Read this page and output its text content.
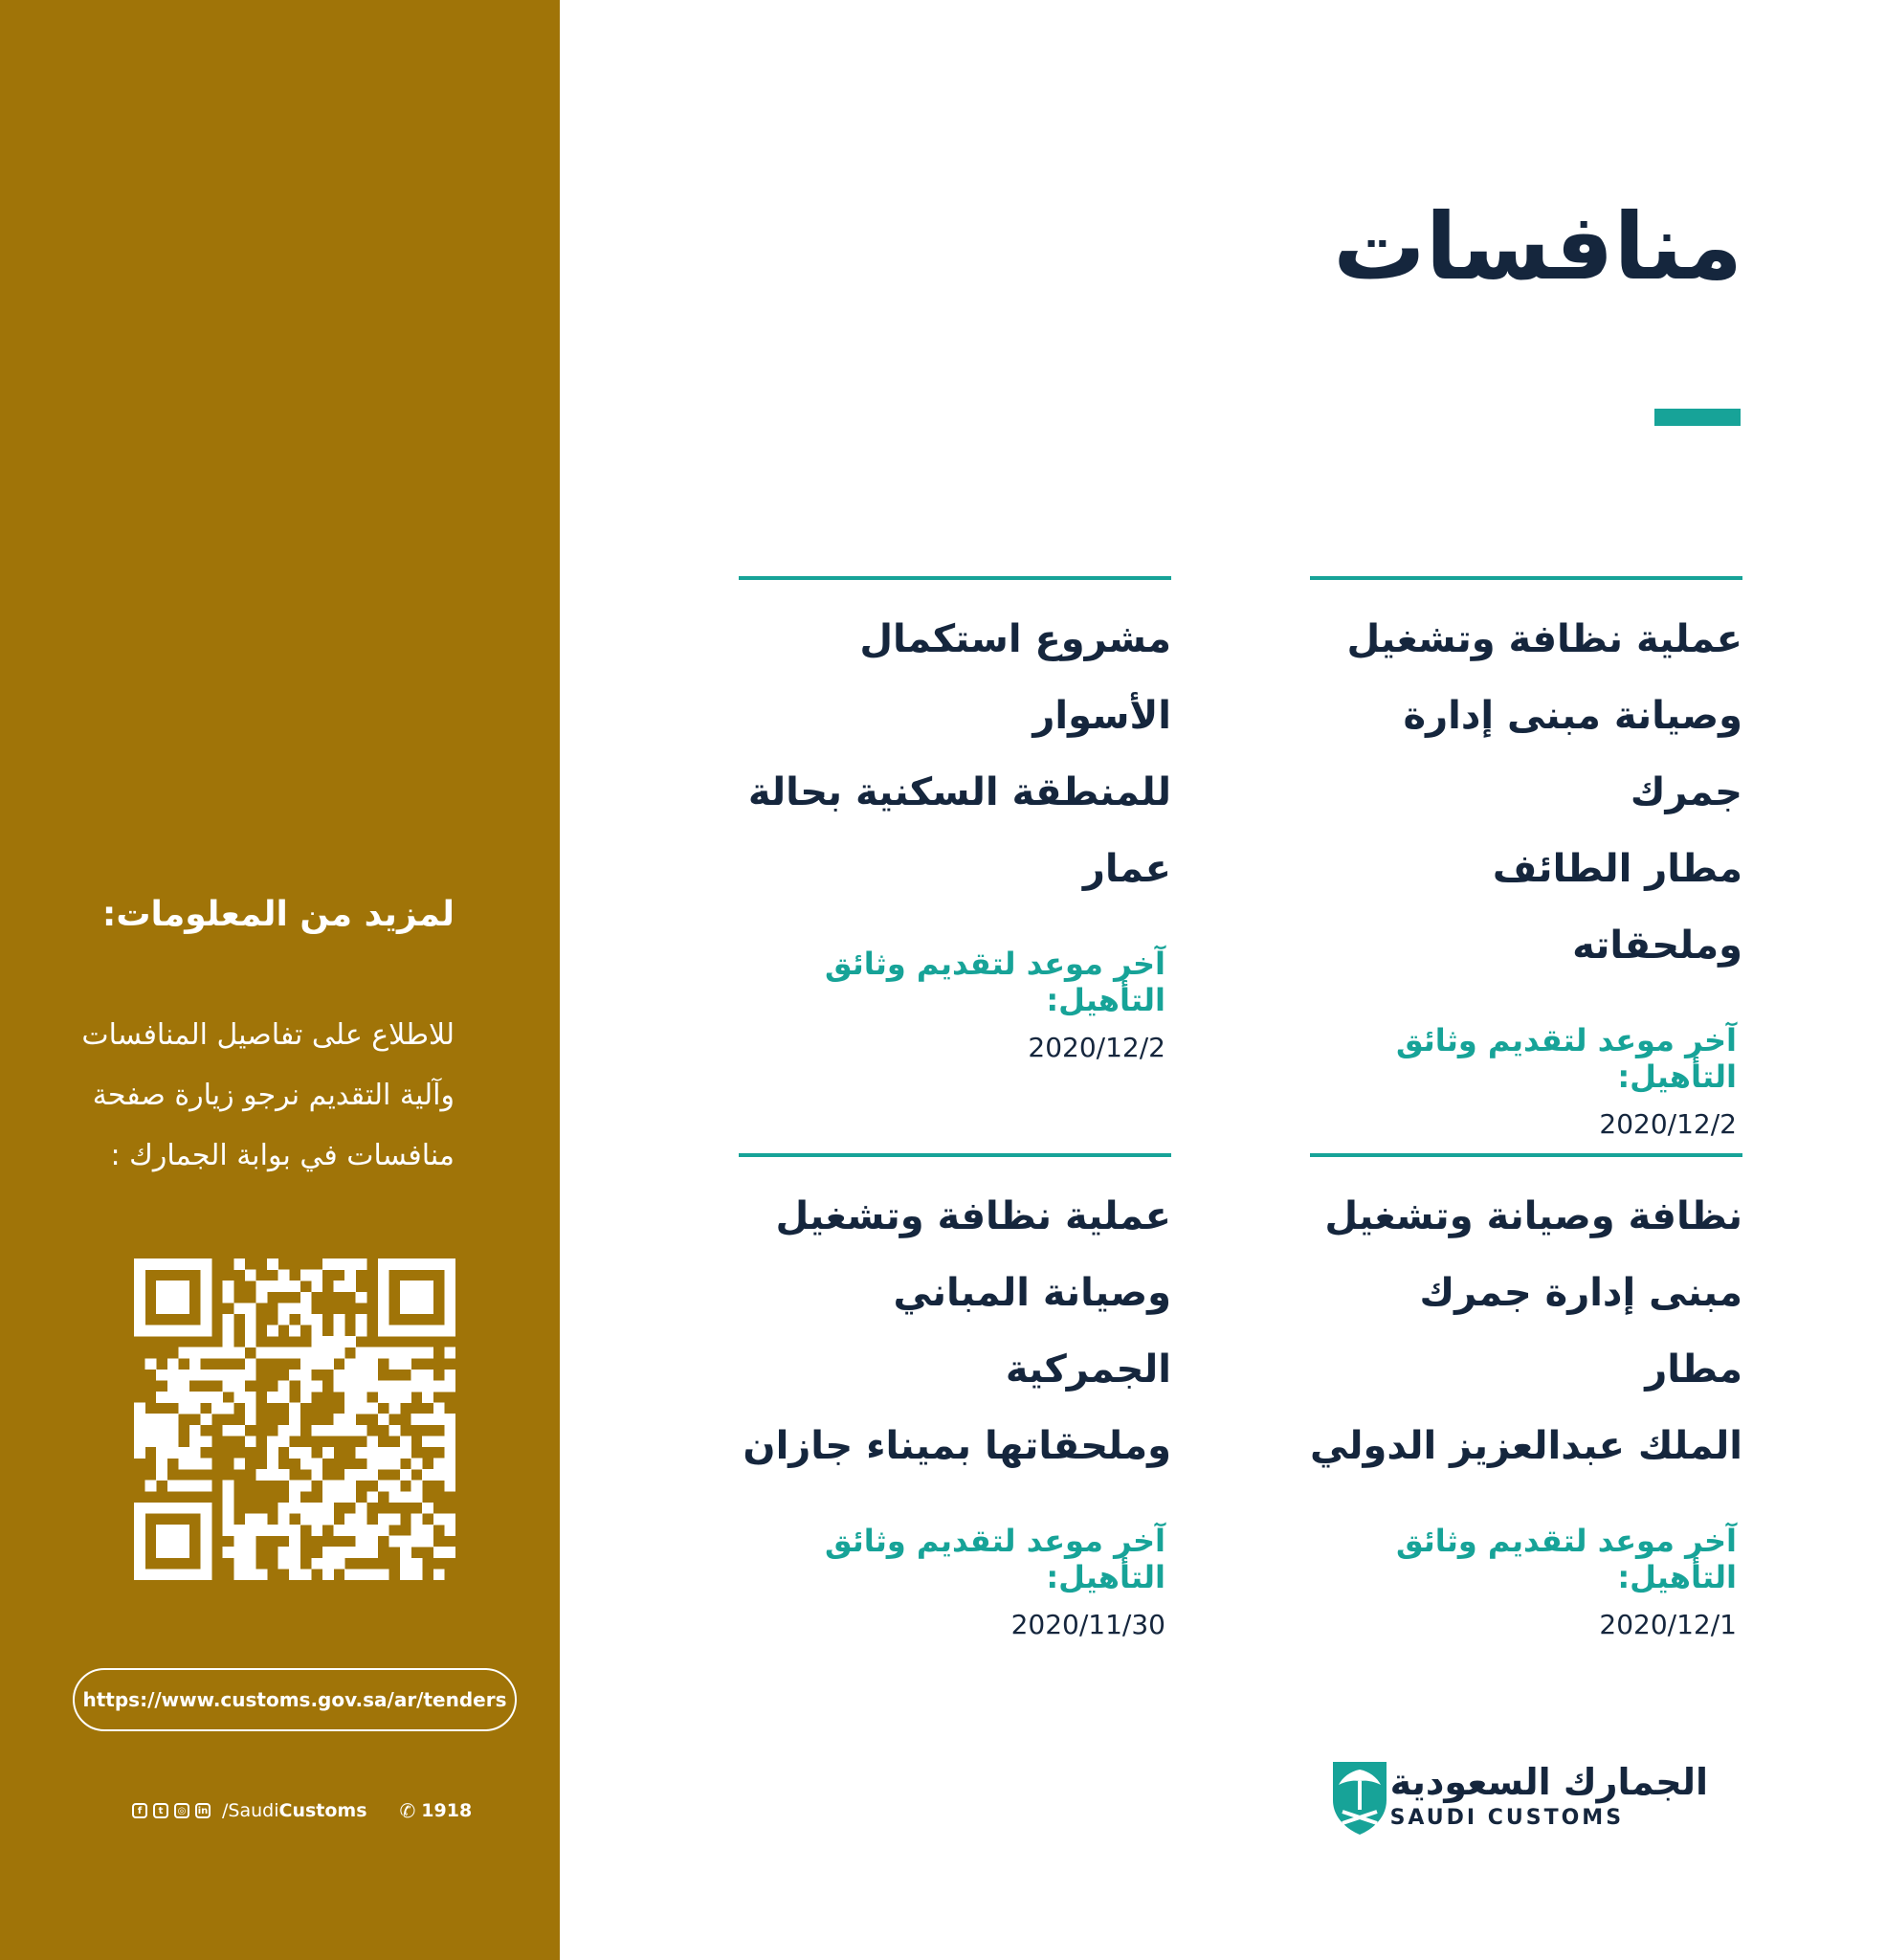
لمزيد من المعلومات:

للاطلاع على تفاصيل المنافسات
وآلية التقديم نرجو زيارة صفحة
منافسات في بوابة الجمارك :

https://www.customs.gov.sa/ar/tenders
f	t	◎	in /SaudiCustoms ✆ 1918
منافسات
عملية نظافة وتشغيل
وصيانة مبنى إدارة جمرك
مطار الطائف وملحقاته
آخر موعد لتقديم وثائق التأهيل:
2020/12/2
مشروع استكمال الأسوار
للمنطقة السكنية بحالة
عمار
آخر موعد لتقديم وثائق التأهيل:
2020/12/2
نظافة وصيانة وتشغيل
مبنى إدارة جمرك مطار
الملك عبدالعزيز الدولي
آخر موعد لتقديم وثائق التأهيل:
2020/12/1
عملية نظافة وتشغيل
وصيانة المباني الجمركية
وملحقاتها بميناء جازان
آخر موعد لتقديم وثائق التأهيل:
2020/11/30
الجمارك السعودية
SAUDI CUSTOMS
